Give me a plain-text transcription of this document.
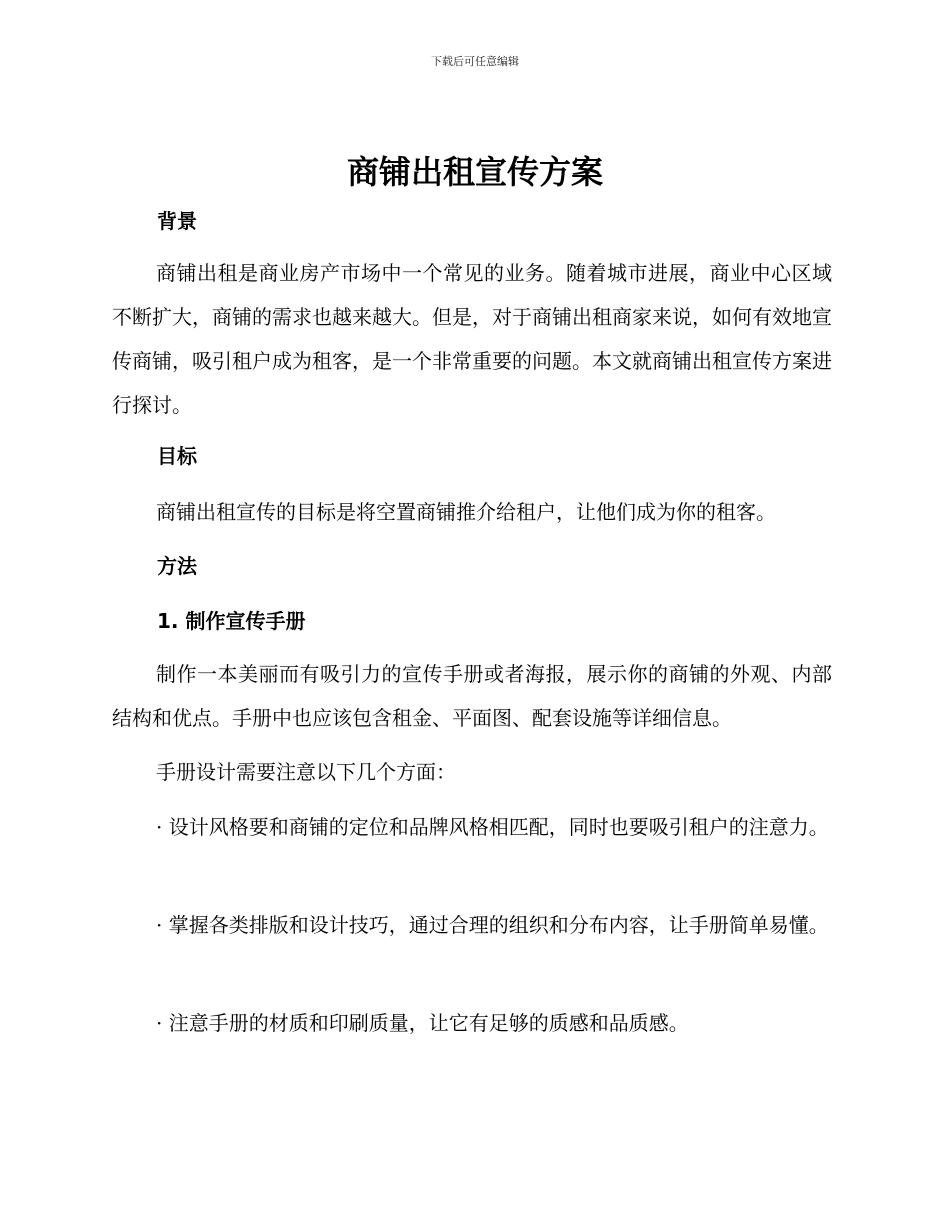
下载后可任意编辑
商铺出租宣传方案
背景

商铺出租是商业房产市场中一个常见的业务。随着城市进展，商业中心区域不断扩大，商铺的需求也越来越大。但是，对于商铺出租商家来说，如何有效地宣传商铺，吸引租户成为租客，是一个非常重要的问题。本文就商铺出租宣传方案进行探讨。

目标

商铺出租宣传的目标是将空置商铺推介给租户，让他们成为你的租客。

方法
1. 制作宣传手册

制作一本美丽而有吸引力的宣传手册或者海报，展示你的商铺的外观、内部结构和优点。手册中也应该包含租金、平面图、配套设施等详细信息。

手册设计需要注意以下几个方面：

· 设计风格要和商铺的定位和品牌风格相匹配，同时也要吸引租户的注意力。

· 掌握各类排版和设计技巧，通过合理的组织和分布内容，让手册简单易懂。

· 注意手册的材质和印刷质量，让它有足够的质感和品质感。
